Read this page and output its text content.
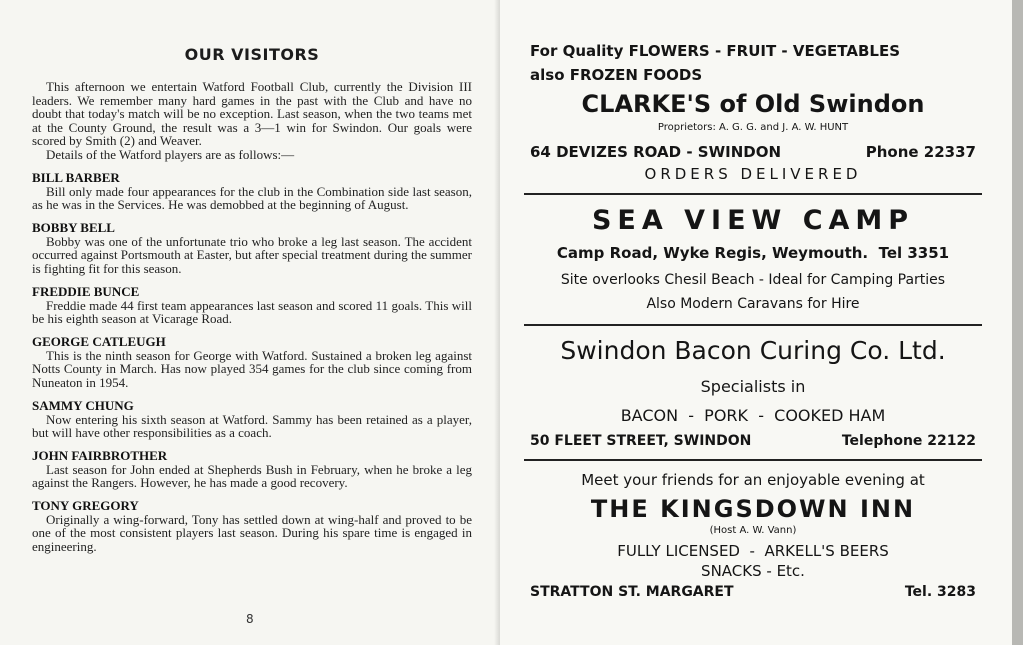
OUR VISITORS

This afternoon we entertain Watford Football Club, currently the Division III leaders. We remember many hard games in the past with the Club and have no doubt that today's match will be no exception. Last season, when the two teams met at the County Ground, the result was a 3—1 win for Swindon. Our goals were scored by Smith (2) and Weaver.

Details of the Watford players are as follows:—

BILL BARBER

Bill only made four appearances for the club in the Combination side last season, as he was in the Services. He was demobbed at the beginning of August.

BOBBY BELL

Bobby was one of the unfortunate trio who broke a leg last season. The accident occurred against Portsmouth at Easter, but after special treatment during the summer is fighting fit for this season.

FREDDIE BUNCE

Freddie made 44 first team appearances last season and scored 11 goals. This will be his eighth season at Vicarage Road.

GEORGE CATLEUGH

This is the ninth season for George with Watford. Sustained a broken leg against Notts County in March. Has now played 354 games for the club since coming from Nuneaton in 1954.

SAMMY CHUNG

Now entering his sixth season at Watford. Sammy has been retained as a player, but will have other responsibilities as a coach.

JOHN FAIRBROTHER

Last season for John ended at Shepherds Bush in February, when he broke a leg against the Rangers. However, he has made a good recovery.

TONY GREGORY

Originally a wing-forward, Tony has settled down at wing-half and proved to be one of the most consistent players last season. During his spare time is engaged in engineering.

8
For Quality FLOWERS - FRUIT - VEGETABLES
also FROZEN FOODS
CLARKE'S of Old Swindon
Proprietors: A. G. G. and J. A. W. HUNT
64 DEVIZES ROAD - SWINDON	Phone 22337
ORDERS DELIVERED
SEA VIEW CAMP
Camp Road, Wyke Regis, Weymouth. Tel 3351
Site overlooks Chesil Beach - Ideal for Camping Parties
Also Modern Caravans for Hire
Swindon Bacon Curing Co. Ltd.
Specialists in
BACON  -  PORK  -  COOKED HAM
50 FLEET STREET, SWINDON	Telephone 22122
Meet your friends for an enjoyable evening at
THE KINGSDOWN INN
(Host A. W. Vann)
FULLY LICENSED  -  ARKELL'S BEERS
SNACKS - Etc.
STRATTON ST. MARGARET	Tel. 3283
